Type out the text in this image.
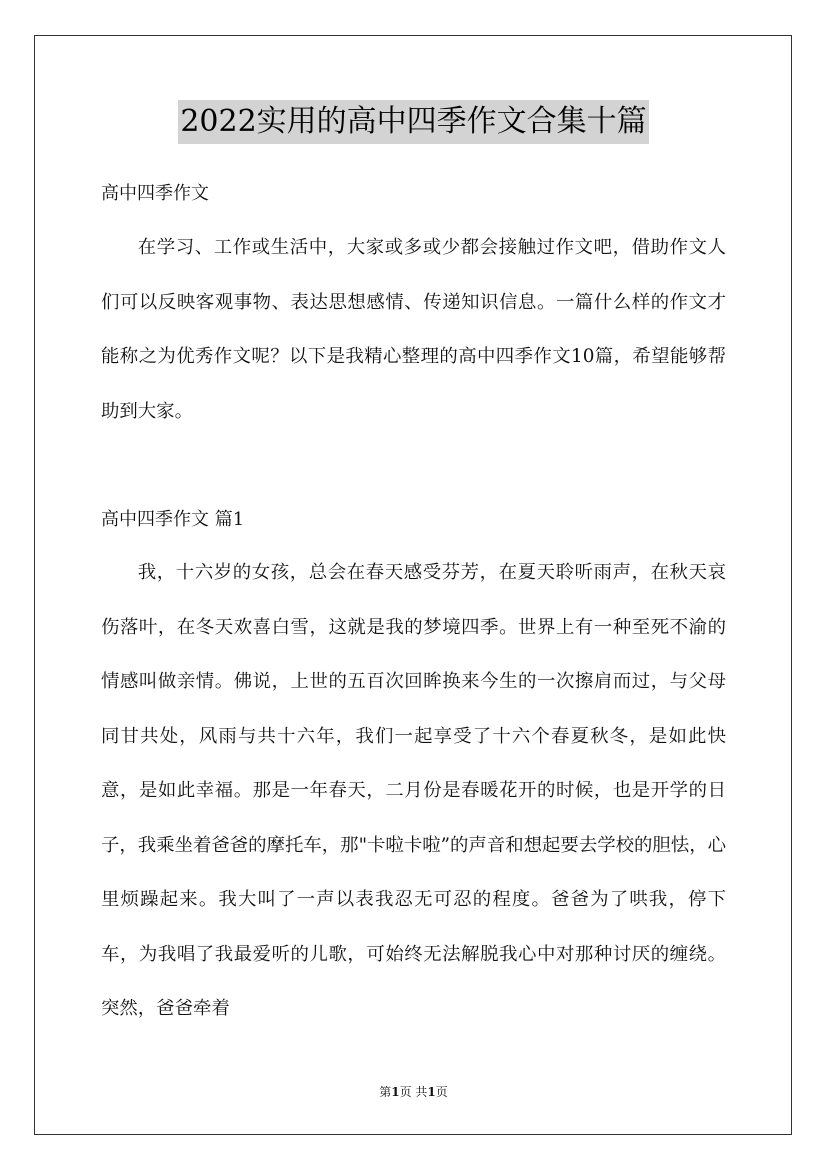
2022实用的高中四季作文合集十篇
高中四季作文

在学习、工作或生活中，大家或多或少都会接触过作文吧，借助作文人们可以反映客观事物、表达思想感情、传递知识信息。一篇什么样的作文才能称之为优秀作文呢？以下是我精心整理的高中四季作文10篇，希望能够帮助到大家。

高中四季作文 篇1

我，十六岁的女孩，总会在春天感受芬芳，在夏天聆听雨声，在秋天哀伤落叶，在冬天欢喜白雪，这就是我的梦境四季。世界上有一种至死不渝的情感叫做亲情。佛说，上世的五百次回眸换来今生的一次擦肩而过，与父母同甘共处，风雨与共十六年，我们一起享受了十六个春夏秋冬，是如此快意，是如此幸福。那是一年春天，二月份是春暖花开的时候，也是开学的日子，我乘坐着爸爸的摩托车，那"卡啦卡啦”的声音和想起要去学校的胆怯，心里烦躁起来。我大叫了一声以表我忍无可忍的程度。爸爸为了哄我，停下车，为我唱了我最爱听的儿歌，可始终无法解脱我心中对那种讨厌的缠绕。突然，爸爸牵着

第1页 共1页
